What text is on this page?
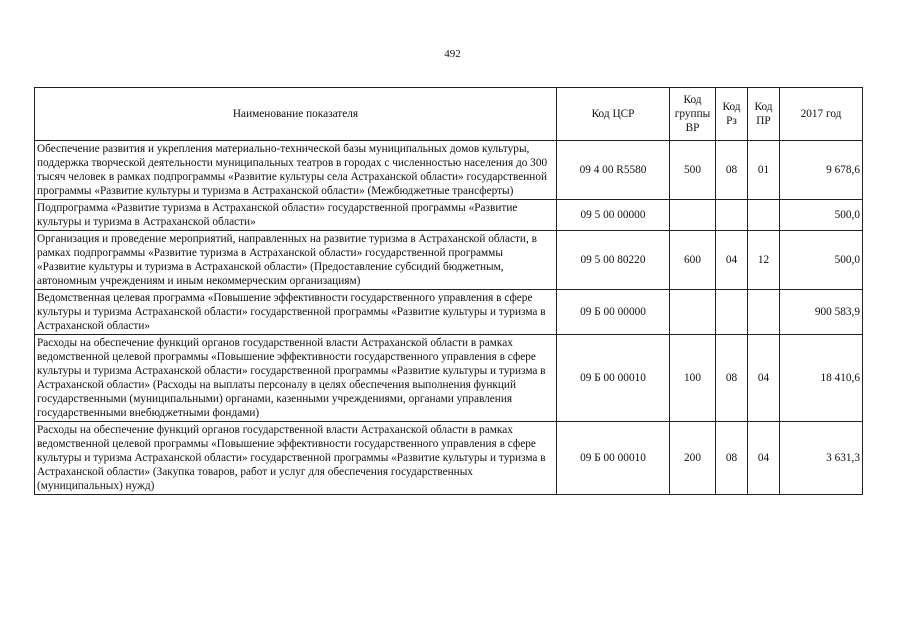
492
Наименование показателя	Код ЦСР	Код группы ВР	Код Рз	Код ПР	2017 год
Обеспечение развития и укрепления материально-технической базы муниципальных домов культуры, поддержка творческой деятельности муниципальных театров в городах с численностью населения до 300 тысяч человек в рамках подпрограммы «Развитие культуры села Астраханской области» государственной программы «Развитие культуры и туризма в Астраханской области» (Межбюджетные трансферты)	09 4 00 R5580	500	08	01	9 678,6
Подпрограмма «Развитие туризма в Астраханской области» государственной программы «Развитие культуры и туризма в Астраханской области»	09 5 00 00000				500,0
Организация и проведение мероприятий, направленных на развитие туризма в Астраханской области, в рамках подпрограммы «Развитие туризма в Астраханской области» государственной программы «Развитие культуры и туризма в Астраханской области» (Предоставление субсидий бюджетным, автономным учреждениям и иным некоммерческим организациям)	09 5 00 80220	600	04	12	500,0
Ведомственная целевая программа «Повышение эффективности государственного управления в сфере культуры и туризма Астраханской области» государственной программы «Развитие культуры и туризма в Астраханской области»	09 Б 00 00000				900 583,9
Расходы на обеспечение функций органов государственной власти Астраханской области в рамках ведомственной целевой программы «Повышение эффективности государственного управления в сфере культуры и туризма Астраханской области» государственной программы «Развитие культуры и туризма в Астраханской области» (Расходы на выплаты персоналу в целях обеспечения выполнения функций государственными (муниципальными) органами, казенными учреждениями, органами управления государственными внебюджетными фондами)	09 Б 00 00010	100	08	04	18 410,6
Расходы на обеспечение функций органов государственной власти Астраханской области в рамках ведомственной целевой программы «Повышение эффективности государственного управления в сфере культуры и туризма Астраханской области» государственной программы «Развитие культуры и туризма в Астраханской области» (Закупка товаров, работ и услуг для обеспечения государственных (муниципальных) нужд)	09 Б 00 00010	200	08	04	3 631,3
